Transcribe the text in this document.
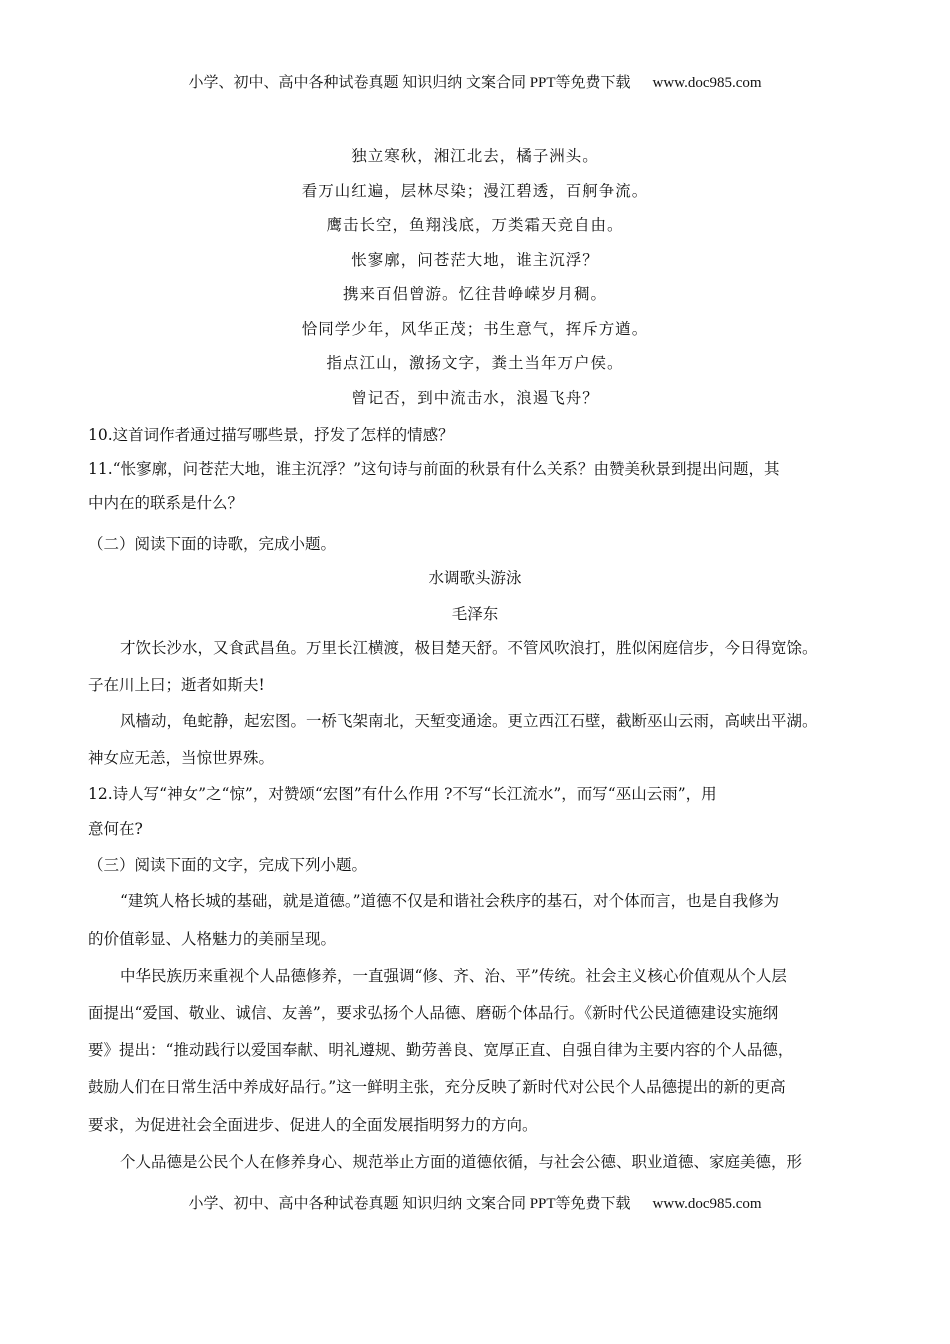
小学、初中、高中各种试卷真题 知识归纳 文案合同 PPT等免费下载 www.doc985.com
独立寒秋，湘江北去，橘子洲头。
看万山红遍，层林尽染；漫江碧透，百舸争流。
鹰击长空，鱼翔浅底，万类霜天竞自由。
怅寥廓，问苍茫大地，谁主沉浮？
携来百侣曾游。忆往昔峥嵘岁月稠。
恰同学少年，风华正茂；书生意气，挥斥方遒。
指点江山，激扬文字，粪土当年万户侯。
曾记否，到中流击水，浪遏飞舟？
10.这首词作者通过描写哪些景，抒发了怎样的情感？
11.“怅寥廓，问苍茫大地，谁主沉浮？”这句诗与前面的秋景有什么关系？由赞美秋景到提出问题，其
中内在的联系是什么？
（二）阅读下面的诗歌，完成小题。
水调歌头游泳
毛泽东
才饮长沙水，又食武昌鱼。万里长江横渡，极目楚天舒。不管风吹浪打，胜似闲庭信步，今日得宽馀。
子在川上曰；逝者如斯夫!
风樯动，龟蛇静，起宏图。一桥飞架南北，天堑变通途。更立西江石壁，截断巫山云雨，高峡出平湖。
神女应无恙，当惊世界殊。
12.诗人写“神女”之“惊”，对赞颂“宏图”有什么作用 ?不写“长江流水”，而写“巫山云雨”，用
意何在?
（三）阅读下面的文字，完成下列小题。
“建筑人格长城的基础，就是道德。”道德不仅是和谐社会秩序的基石，对个体而言，也是自我修为
的价值彰显、人格魅力的美丽呈现。
中华民族历来重视个人品德修养，一直强调“修、齐、治、平”传统。社会主义核心价值观从个人层
面提出“爱国、敬业、诚信、友善”，要求弘扬个人品德、磨砺个体品行。《新时代公民道德建设实施纲
要》提出：“推动践行以爱国奉献、明礼遵规、勤劳善良、宽厚正直、自强自律为主要内容的个人品德，
鼓励人们在日常生活中养成好品行。”这一鲜明主张，充分反映了新时代对公民个人品德提出的新的更高
要求，为促进社会全面进步、促进人的全面发展指明努力的方向。
个人品德是公民个人在修养身心、规范举止方面的道德依循，与社会公德、职业道德、家庭美德，形
小学、初中、高中各种试卷真题 知识归纳 文案合同 PPT等免费下载 www.doc985.com
